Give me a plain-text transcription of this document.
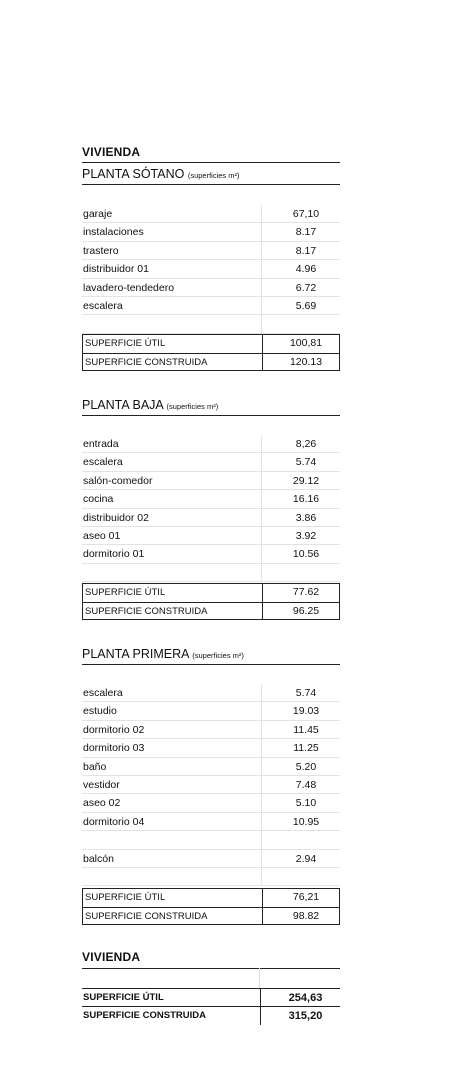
VIVIENDA
PLANTA SÓTANO (superficies m²)
garaje	67,10
instalaciones	8.17
trastero	8.17
distribuidor 01	4.96
lavadero-tendedero	6.72
escalera	5.69
SUPERFICIE ÚTIL	100,81
SUPERFICIE CONSTRUIDA	120.13
PLANTA BAJA (superficies m²)
entrada	8,26
escalera	5.74
salón-comedor	29.12
cocina	16.16
distribuidor 02	3.86
aseo 01	3.92
dormitorio 01	10.56
SUPERFICIE ÚTIL	77.62
SUPERFICIE CONSTRUIDA	96.25
PLANTA PRIMERA (superficies m²)
escalera	5.74
estudio	19.03
dormitorio 02	11.45
dormitorio 03	11.25
baño	5.20
vestidor	7.48
aseo 02	5.10
dormitorio 04	10.95
balcón	2.94
SUPERFICIE ÚTIL	76,21
SUPERFICIE CONSTRUIDA	98.82
VIVIENDA
SUPERFICIE ÚTIL	254,63
SUPERFICIE CONSTRUIDA	315,20
